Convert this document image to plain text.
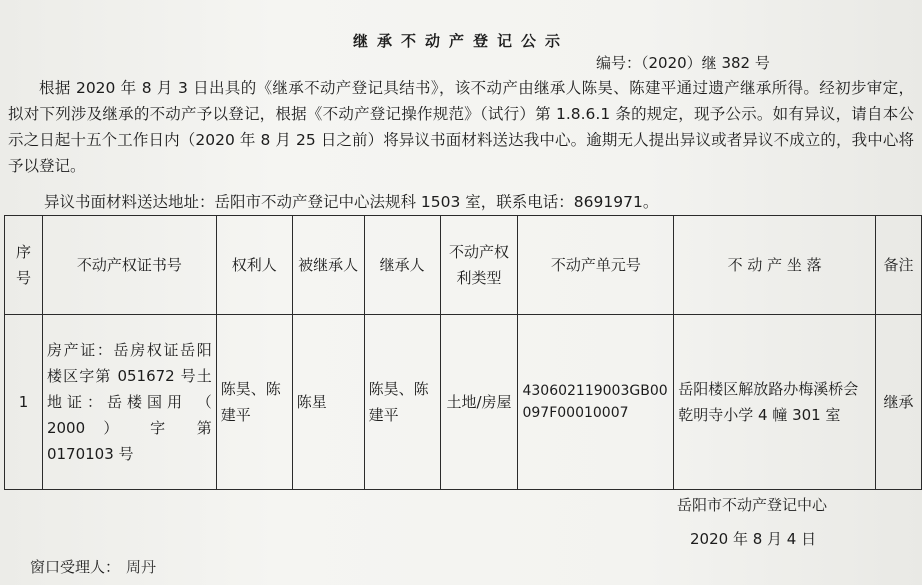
继承不动产登记公示
编号：（2020）继 382 号
根据 2020 年 8 月 3 日出具的《继承不动产登记具结书》，该不动产由继承人陈昊、陈建平通过遗产继承所得。经初步审定， 拟对下列涉及继承的不动产予以登记，根据《不动产登记操作规范》（试行）第 1.8.6.1 条的规定，现予公示。如有异议，请自本公示之日起十五个工作日内（2020 年 8 月 25 日之前）将异议书面材料送达我中心。逾期无人提出异议或者异议不成立的，我中心将予以登记。
异议书面材料送达地址：岳阳市不动产登记中心法规科 1503 室，联系电话：8691971。
序号	不动产权证书号	权利人	被继承人	继承人	不动产权利类型	不动产单元号	不 动 产 坐 落	备注
1	房产证：岳房权证岳阳楼区字第 051672 号土地证：岳楼国用 （ 2000 ） 字 第 0170103 号	陈昊、陈建平	陈星	陈昊、陈建平	土地/房屋	430602119003GB00097F00010007	岳阳楼区解放路办梅溪桥会乾明寺小学 4 幢 301 室	继承
岳阳市不动产登记中心
2020 年 8 月 4 日
窗口受理人： 周丹
